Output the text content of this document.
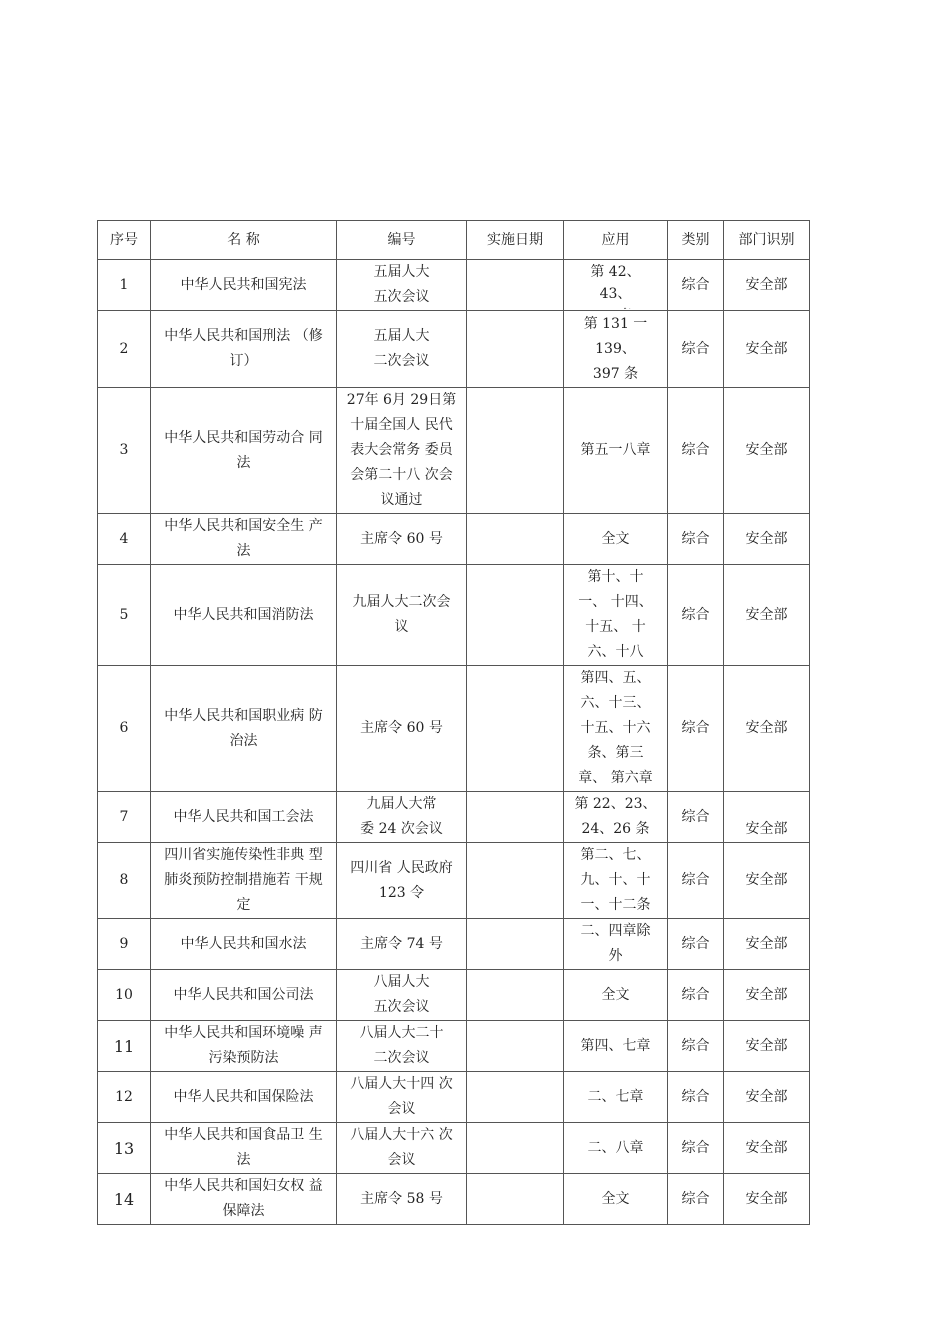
序号	名 称	编号	实施日期	应用	类别	部门识别
1	中华人民共和国宪法	五届人大
五次会议		第 42、
43、	综合	安全部
2	中华人民共和国刑法 （修
订）	五届人大
二次会议		第 131 一
139、
397 条	综合	安全部
3	中华人民共和国劳动合 同
法	27年 6月 29日第
十届全国人 民代
表大会常务 委员
会第二十八 次会
议通过		第五一八章	综合	安全部
4	中华人民共和国安全生 产
法	主席令 60 号		全文	综合	安全部
5	中华人民共和国消防法	九届人大二次会
议		第十、十
一、 十四、
十五、 十
六、十八	综合	安全部
6	中华人民共和国职业病 防
治法	主席令 60 号		第四、五、
六、十三、
十五、十六
条、第三
章、 第六章	综合	安全部
7	中华人民共和国工会法	九届人大常
委 24 次会议		第 22、23、
24、26 条	综合	安全部
8	四川省实施传染性非典 型
肺炎预防控制措施若 干规
定	四川省 人民政府
123 令		第二、七、
九、十、十
一、十二条	综合	安全部
9	中华人民共和国水法	主席令 74 号		二、四章除
外	综合	安全部
10	中华人民共和国公司法	八届人大
五次会议		全文	综合	安全部
11	中华人民共和国环境噪 声
污染预防法	八届人大二十
二次会议		第四、七章	综合	安全部
12	中华人民共和国保险法	八届人大十四 次
会议		二、七章	综合	安全部
13	中华人民共和国食品卫 生
法	八届人大十六 次
会议		二、八章	综合	安全部
14	中华人民共和国妇女权 益
保障法	主席令 58 号		全文	综合	安全部
